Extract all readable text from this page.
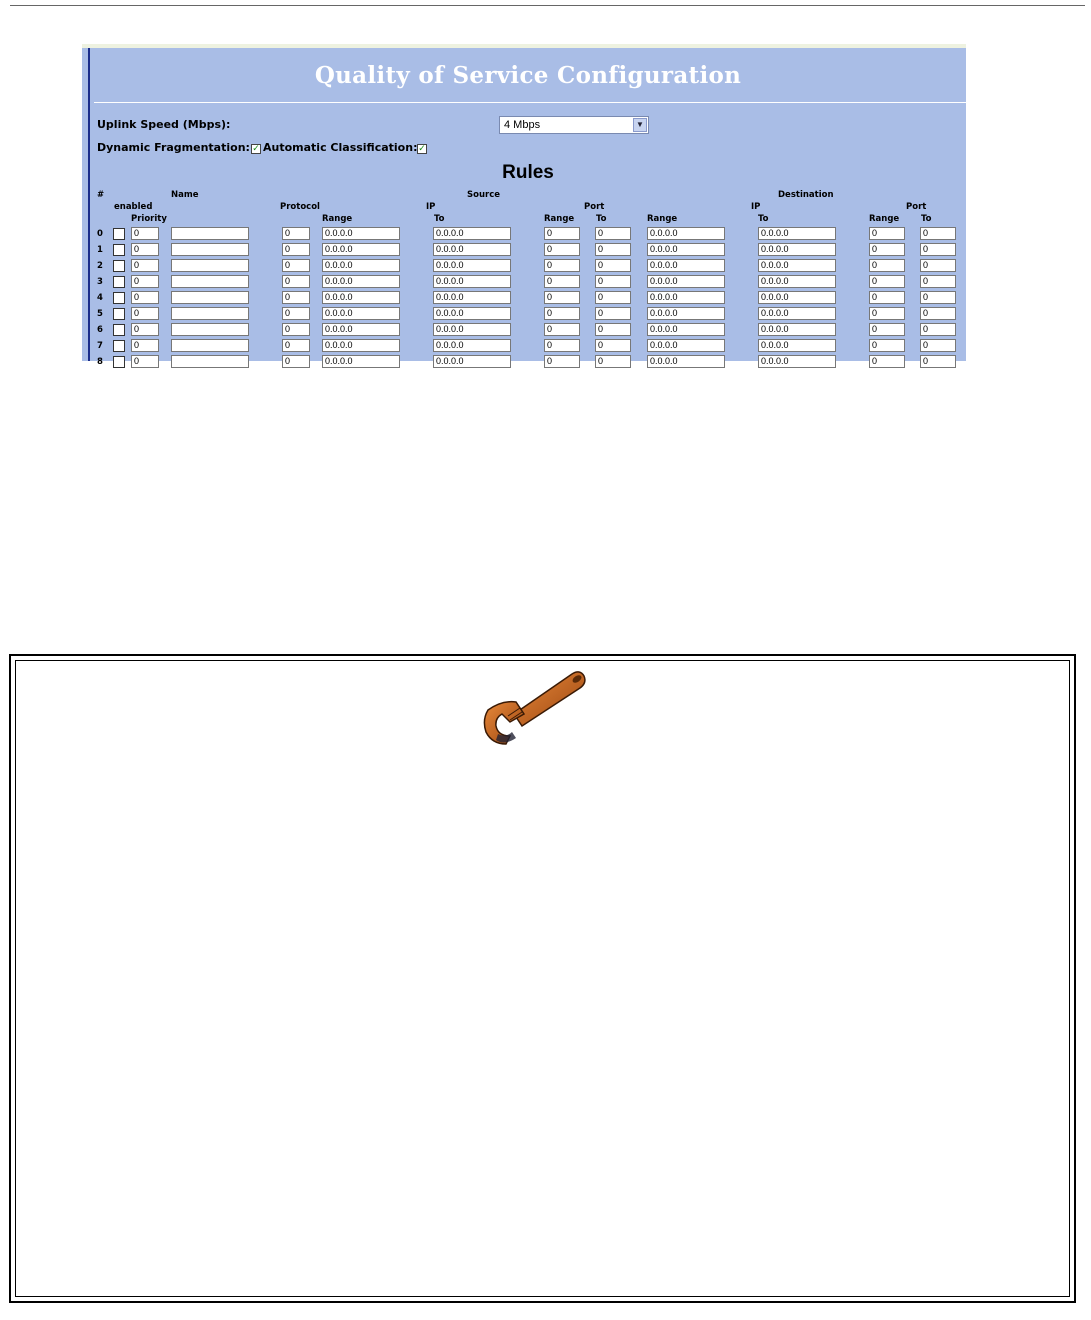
Quality of Service Configuration
Uplink Speed (Mbps):	4 Mbps	▼
Dynamic Fragmentation: ✓ Automatic Classification: ✓
Rules
#	Name	Source	Destination
enabled	Protocol	IP	Port	IP	Port
Priority	Range	To	Range	To	Range	To	Range	To
0	0	0	0.0.0.0	0.0.0.0	0	0	0.0.0.0	0.0.0.0	0	0
1	0	0	0.0.0.0	0.0.0.0	0	0	0.0.0.0	0.0.0.0	0	0
2	0	0	0.0.0.0	0.0.0.0	0	0	0.0.0.0	0.0.0.0	0	0
3	0	0	0.0.0.0	0.0.0.0	0	0	0.0.0.0	0.0.0.0	0	0
4	0	0	0.0.0.0	0.0.0.0	0	0	0.0.0.0	0.0.0.0	0	0
5	0	0	0.0.0.0	0.0.0.0	0	0	0.0.0.0	0.0.0.0	0	0
6	0	0	0.0.0.0	0.0.0.0	0	0	0.0.0.0	0.0.0.0	0	0
7	0	0	0.0.0.0	0.0.0.0	0	0	0.0.0.0	0.0.0.0	0	0
8	0	0	0.0.0.0	0.0.0.0	0	0	0.0.0.0	0.0.0.0	0	0
